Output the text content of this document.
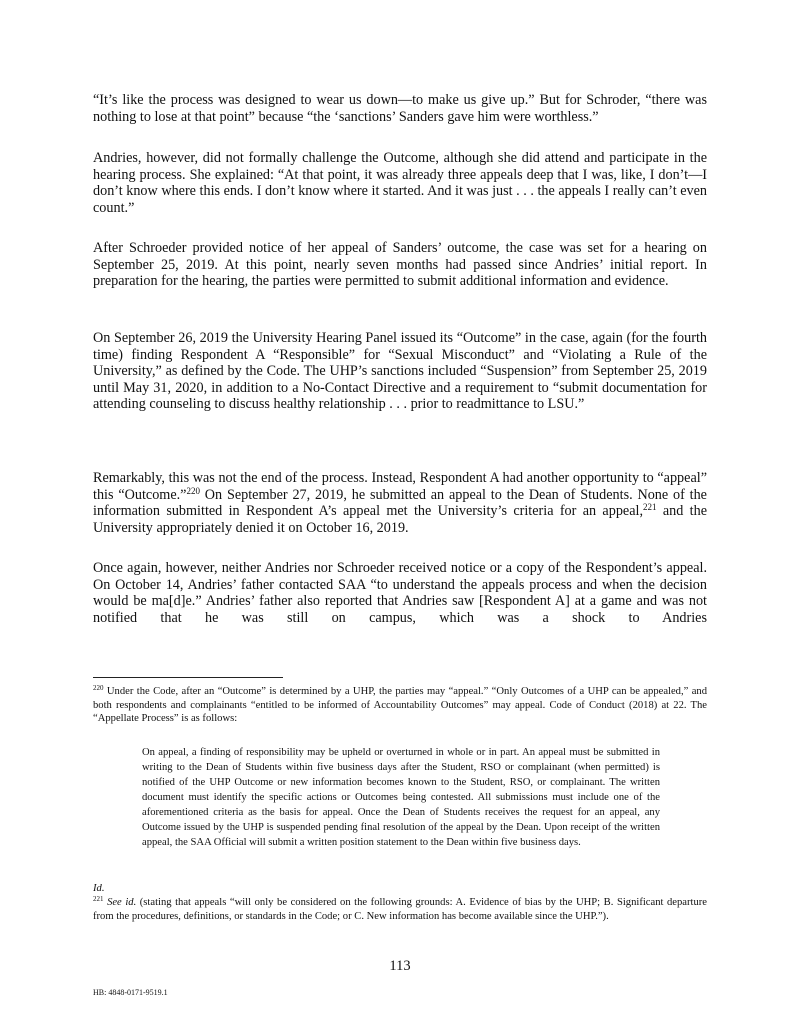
“It’s like the process was designed to wear us down—to make us give up.” But for Schroder, “there was nothing to lose at that point” because “the ‘sanctions’ Sanders gave him were worthless.”

Andries, however, did not formally challenge the Outcome, although she did attend and participate in the hearing process. She explained: “At that point, it was already three appeals deep that I was, like, I don’t—I don’t know where this ends. I don’t know where it started. And it was just . . . the appeals I really can’t even count.”

After Schroeder provided notice of her appeal of Sanders’ outcome, the case was set for a hearing on September 25, 2019. At this point, nearly seven months had passed since Andries’ initial report. In preparation for the hearing, the parties were permitted to submit additional information and evidence.

On September 26, 2019 the University Hearing Panel issued its “Outcome” in the case, again (for the fourth time) finding Respondent A “Responsible” for “Sexual Misconduct” and “Violating a Rule of the University,” as defined by the Code. The UHP’s sanctions included “Suspension” from September 25, 2019 until May 31, 2020, in addition to a No-Contact Directive and a requirement to “submit documentation for attending counseling to discuss healthy relationship . . . prior to readmittance to LSU.”

Remarkably, this was not the end of the process. Instead, Respondent A had another opportunity to “appeal” this “Outcome.”$^{220}$ On September 27, 2019, he submitted an appeal to the Dean of Students. None of the information submitted in Respondent A’s appeal met the University’s criteria for an appeal,$^{221}$ and the University appropriately denied it on October 16, 2019.

Once again, however, neither Andries nor Schroeder received notice or a copy of the Respondent’s appeal. On October 14, Andries’ father contacted SAA “to understand the appeals process and when the decision would be ma[d]e.” Andries’ father also reported that Andries saw [Respondent A] at a game and was not notified that he was still on campus, which was a shock to Andries

$^{220}$ Under the Code, after an “Outcome” is determined by a UHP, the parties may “appeal.” “Only Outcomes of a UHP can be appealed,” and both respondents and complainants “entitled to be informed of Accountability Outcomes” may appeal. Code of Conduct (2018) at 22. The “Appellate Process” is as follows:

On appeal, a finding of responsibility may be upheld or overturned in whole or in part. An appeal must be submitted in writing to the Dean of Students within five business days after the Student, RSO or complainant (when permitted) is notified of the UHP Outcome or new information becomes known to the Student, RSO, or complainant. The written document must identify the specific actions or Outcomes being contested. All submissions must include one of the aforementioned criteria as the basis for appeal. Once the Dean of Students receives the request for an appeal, any Outcome issued by the UHP is suspended pending final resolution of the appeal by the Dean. Upon receipt of the written appeal, the SAA Official will submit a written position statement to the Dean within five business days.

Id.

$^{221}$ See id. (stating that appeals “will only be considered on the following grounds: A. Evidence of bias by the UHP; B. Significant departure from the procedures, definitions, or standards in the Code; or C. New information has become available since the UHP.”).

113
HB: 4848-0171-9519.1
